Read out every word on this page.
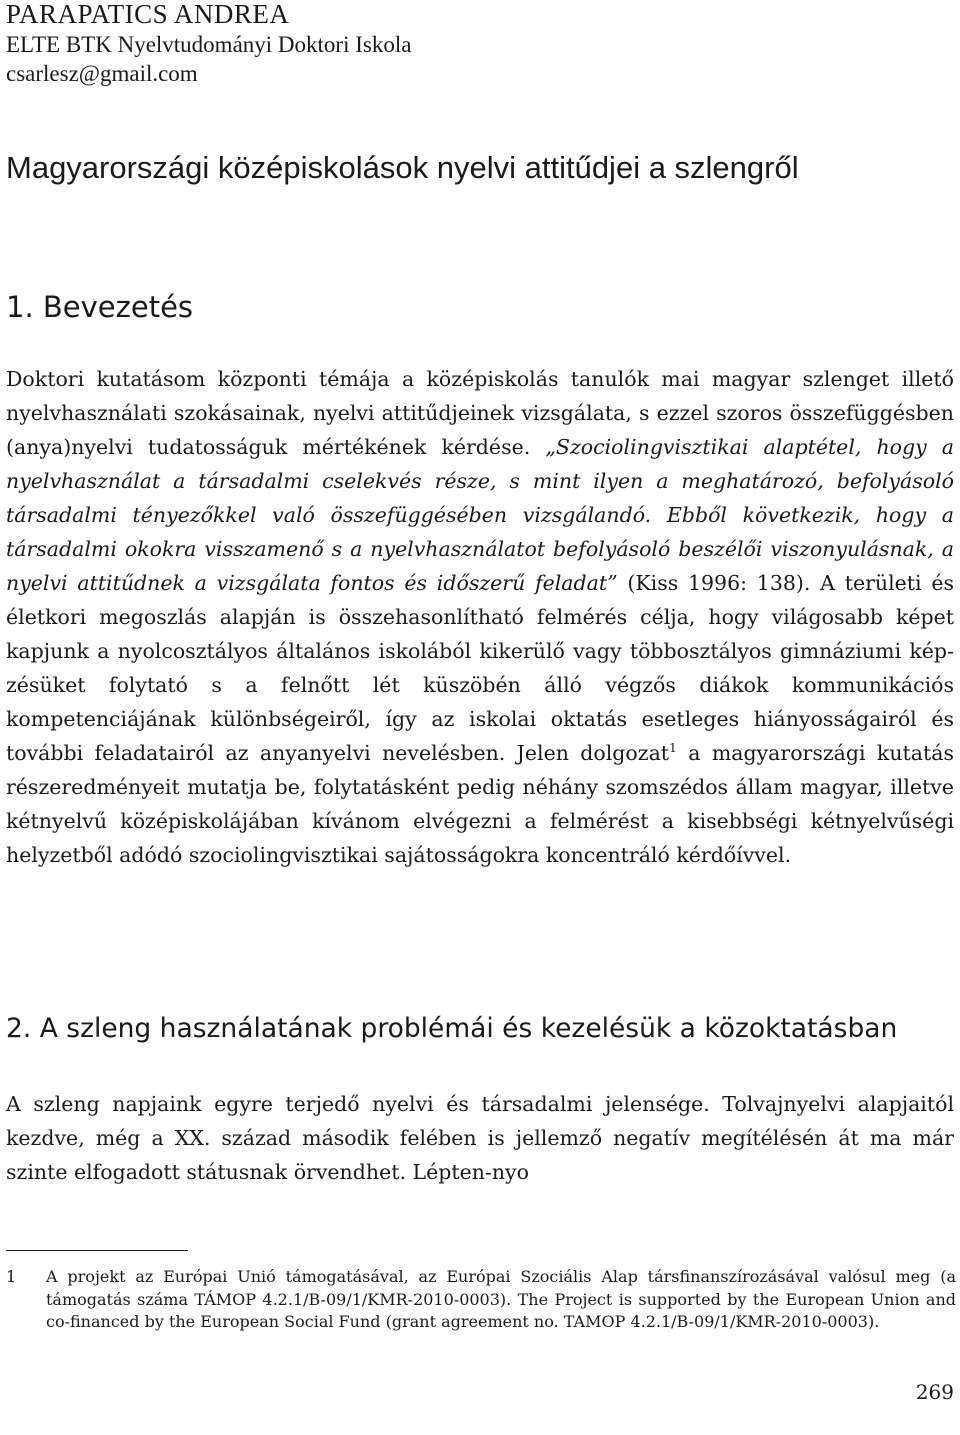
PARAPATICS ANDREA
ELTE BTK Nyelvtudományi Doktori Iskola
csarlesz@gmail.com
Magyarországi középiskolások nyelvi attitűdjei a szlengről
1. Bevezetés
Doktori kutatásom központi témája a középiskolás tanulók mai magyar szlenget illető nyelvhasználati szokásainak, nyelvi attitűdjeinek vizsgálata, s ezzel szoros összefüggésben (anya)nyelvi tudatosságuk mértékének kérdése. „Szociolingvisztikai alaptétel, hogy a nyelvhasználat a társadalmi cselekvés része, s mint ilyen a meghatározó, befolyásoló társadalmi tényezőkkel való összefüggésében vizsgálandó. Ebből következik, hogy a társadalmi okokra visszamenő s a nyelvhasználatot befolyásoló beszélői viszonyulásnak, a nyelvi attitűdnek a vizsgálata fontos és időszerű feladat” (Kiss 1996: 138). A területi és életkori megoszlás alapján is összehasonlítható felmérés célja, hogy világosabb képet kapjunk a nyolcosztályos általános iskolából kikerülő vagy többosztályos gimnáziumi képzésüket folytató s a felnőtt lét küszöbén álló végzős diákok kommunikációs kompetenciájának különbségeiről, így az iskolai oktatás esetleges hiányosságairól és további feladatairól az anyanyelvi nevelésben. Jelen dolgozat$^1$ a magyarországi kutatás részeredményeit mutatja be, folytatásként pedig néhány szomszédos állam magyar, illetve kétnyelvű középiskolájában kívánom elvégezni a felmérést a kisebbségi kétnyelvűségi helyzetből adódó szociolingvisztikai sajátosságokra koncentráló kérdőívvel.
2. A szleng használatának problémái és kezelésük a közoktatásban
A szleng napjaink egyre terjedő nyelvi és társadalmi jelensége. Tolvajnyelvi alapjaitól kezdve, még a XX. század második felében is jellemző negatív megítélésén át ma már szinte elfogadott státusnak örvendhet. Lépten-nyo
1 A projekt az Európai Unió támogatásával, az Európai Szociális Alap társfinanszírozásával valósul meg (a támogatás száma TÁMOP 4.2.1/B-09/1/KMR-2010-0003). The Project is supported by the European Union and co-financed by the European Social Fund (grant agreement no. TAMOP 4.2.1/B-09/1/KMR-2010-0003).
269
